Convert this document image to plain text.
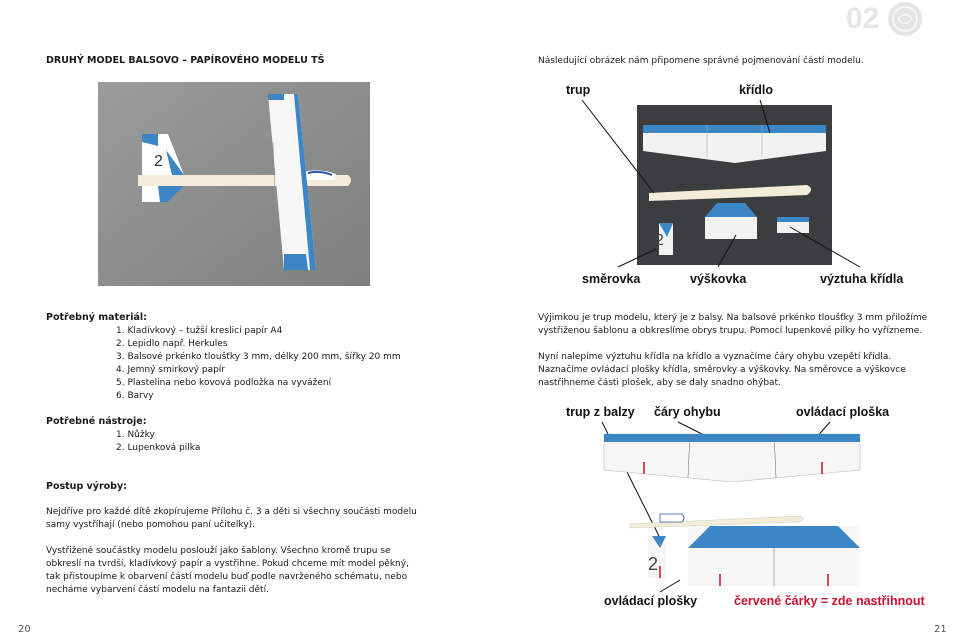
02
DRUHÝ MODEL BALSOVO – PAPÍROVÉHO MODELU TŠ
2
Potřebný materiál:
1. Kladívkový – tužší kreslicí papír A4
2. Lepidlo např. Herkules
3. Balsové prkénko tloušťky 3 mm, délky 200 mm, šířky 20 mm
4. Jemný smirkový papír
5. Plastelína nebo kovová podložka na vyvážení
6. Barvy
Potřebné nástroje:
1. Nůžky
2. Lupenková pilka
Postup výroby:

Nejdříve pro každé dítě zkopírujeme Přílohu č. 3 a děti si všechny součásti modelu samy vystříhají (nebo pomohou paní učitelky).

Vystřižené součástky modelu poslouží jako šablony. Všechno kromě trupu se obkreslí na tvrdší, kladívkový papír a vystřihne. Pokud chceme mít model pěkný, tak přistoupíme k obarvení částí modelu buď podle navrženého schématu, nebo necháme vybarvení částí modelu na fantazii dětí.

20
Následující obrázek nám připomene správné pojmenování částí modelu.
trup	křídlo
2
směrovka	výškovka	výztuha křídla

Výjimkou je trup modelu, který je z balsy. Na balsové prkénko tloušťky 3 mm přiložíme vystřiženou šablonu a obkreslíme obrys trupu. Pomocí lupenkové pilky ho vyřízneme.

Nyní nalepíme výztuhu křídla na křídlo a vyznačíme čáry ohybu vzepětí křídla. Naznačíme ovládací plošky křídla, směrovky a výškovky. Na směrovce a výškovce nastřihneme části plošek, aby se daly snadno ohýbat.

trup z balzy čáry ohybu	ovládací ploška
2
ovládací plošky	červené čárky = zde nastřihnout
21
